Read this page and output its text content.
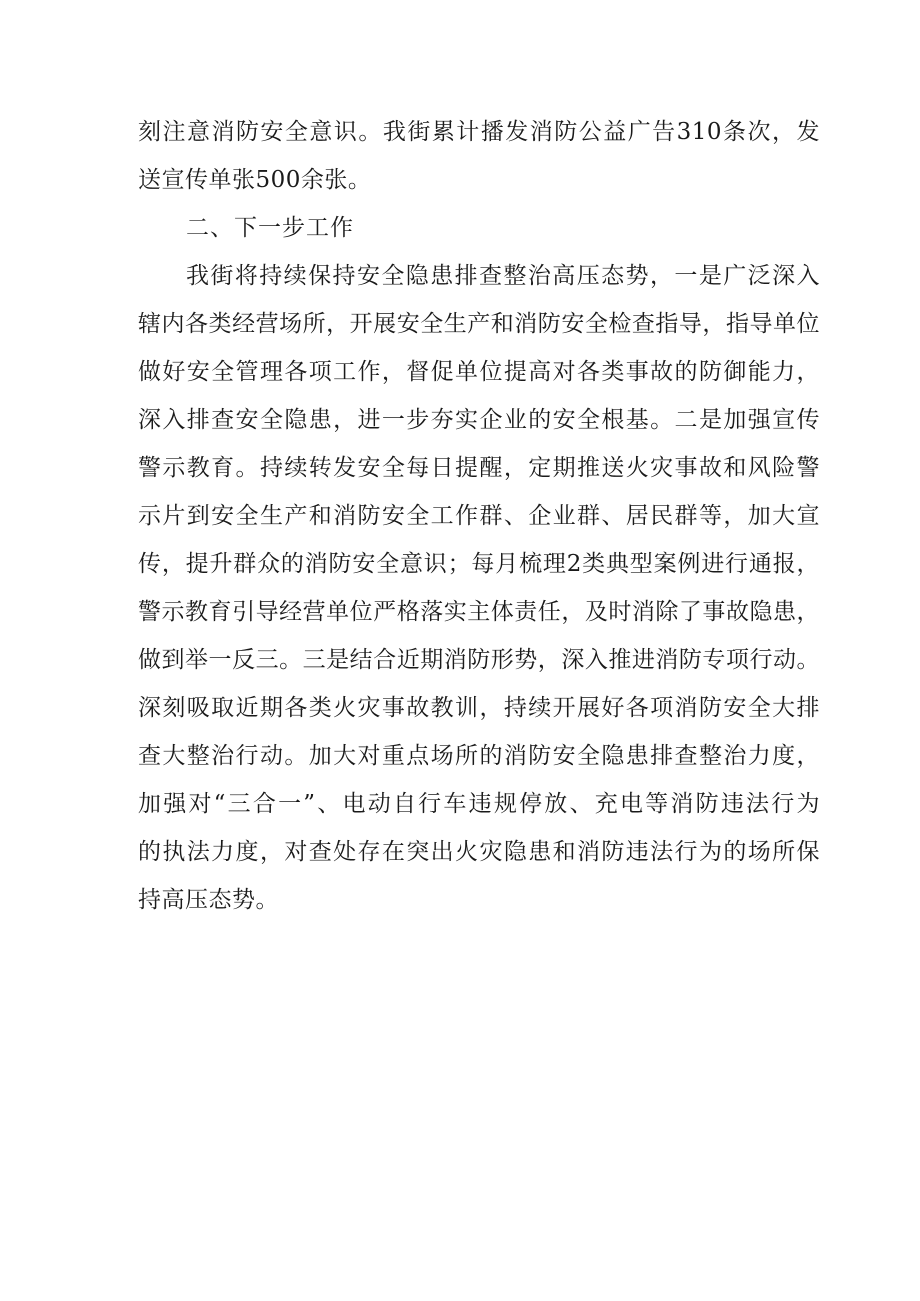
刻注意消防安全意识。我街累计播发消防公益广告310条次，发
送宣传单张500余张。
二、下一步工作
我街将持续保持安全隐患排查整治高压态势，一是广泛深入
辖内各类经营场所，开展安全生产和消防安全检查指导，指导单位
做好安全管理各项工作，督促单位提高对各类事故的防御能力，
深入排查安全隐患，进一步夯实企业的安全根基。二是加强宣传
警示教育。持续转发安全每日提醒，定期推送火灾事故和风险警
示片到安全生产和消防安全工作群、企业群、居民群等，加大宣
传，提升群众的消防安全意识；每月梳理2类典型案例进行通报，
警示教育引导经营单位严格落实主体责任，及时消除了事故隐患，
做到举一反三。三是结合近期消防形势，深入推进消防专项行动。
深刻吸取近期各类火灾事故教训，持续开展好各项消防安全大排
查大整治行动。加大对重点场所的消防安全隐患排查整治力度，
加强对“三合一”、电动自行车违规停放、充电等消防违法行为
的执法力度，对查处存在突出火灾隐患和消防违法行为的场所保
持高压态势。
